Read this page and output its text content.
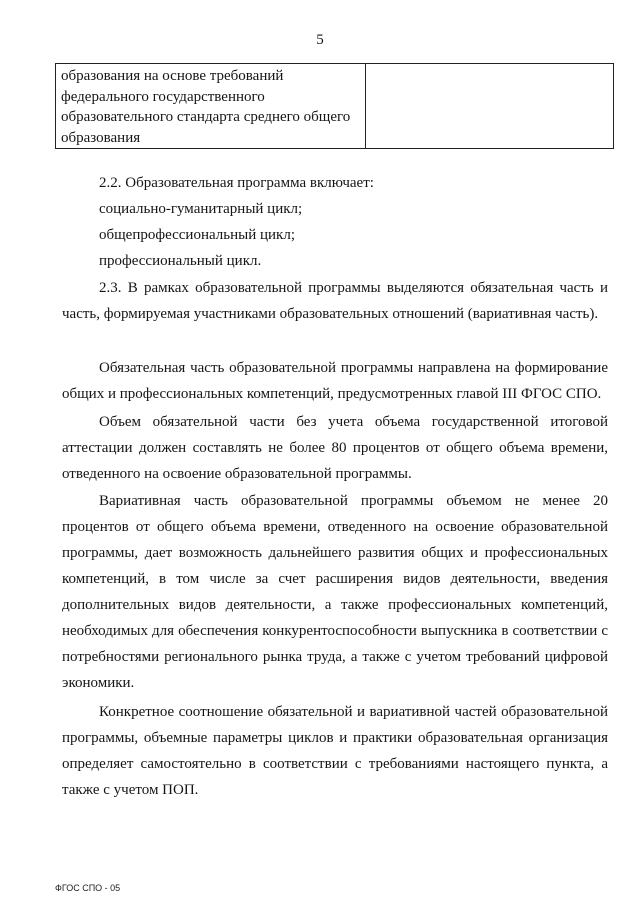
5
образования на основе требований
федерального государственного
образовательного стандарта среднего общего
образования

2.2. Образовательная программа включает:

социально-гуманитарный цикл;

общепрофессиональный цикл;

профессиональный цикл.

2.3. В рамках образовательной программы выделяются обязательная часть и часть, формируемая участниками образовательных отношений (вариативная часть).

Обязательная часть образовательной программы направлена на формирование общих и профессиональных компетенций, предусмотренных главой III ФГОС СПО.

Объем обязательной части без учета объема государственной итоговой аттестации должен составлять не более 80 процентов от общего объема времени, отведенного на освоение образовательной программы.

Вариативная часть образовательной программы объемом не менее 20 процентов от общего объема времени, отведенного на освоение образовательной программы, дает возможность дальнейшего развития общих и профессиональных компетенций, в том числе за счет расширения видов деятельности, введения дополнительных видов деятельности, а также профессиональных компетенций, необходимых для обеспечения конкурентоспособности выпускника в соответствии с потребностями регионального рынка труда, а также с учетом требований цифровой экономики.

Конкретное соотношение обязательной и вариативной частей образовательной программы, объемные параметры циклов и практики образовательная организация определяет самостоятельно в соответствии с требованиями настоящего пункта, а также с учетом ПОП.

ФГОС СПО - 05
